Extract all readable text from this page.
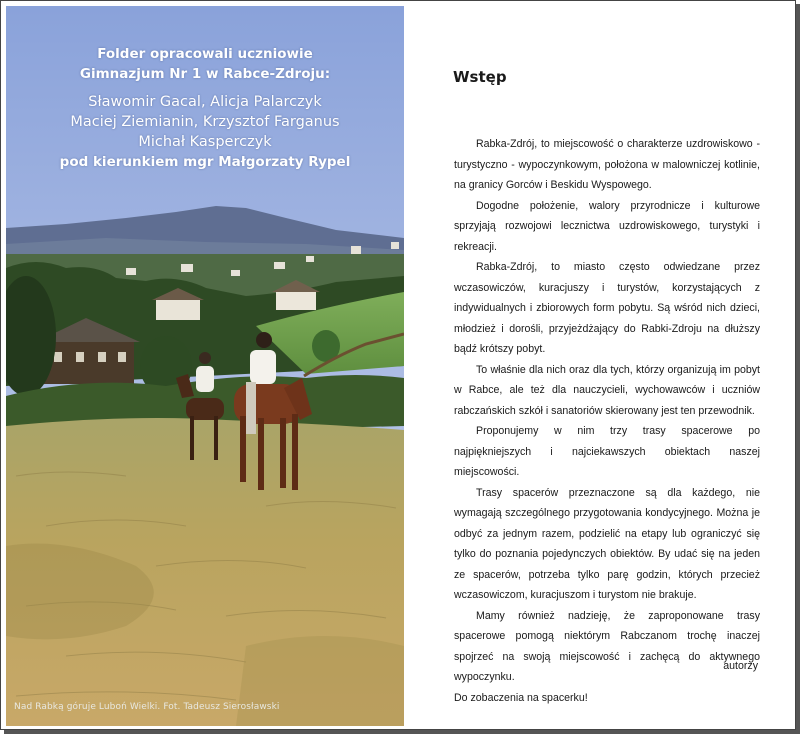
Folder opracowali uczniowie
Gimnazjum Nr 1 w Rabce-Zdroju:
Sławomir Gacal, Alicja Palarczyk
Maciej Ziemianin, Krzysztof Farganus
Michał Kasperczyk
pod kierunkiem mgr Małgorzaty Rypel
Nad Rabką góruje Luboń Wielki. Fot. Tadeusz Sierosławski
Wstęp

Rabka-Zdrój, to miejscowość o charakterze uzdrowiskowo - turystyczno - wypoczynkowym, położona w malowniczej kotlinie, na granicy Gorców i Beskidu Wyspowego.

Dogodne położenie, walory przyrodnicze i kulturowe sprzyjają rozwojowi lecznictwa uzdrowiskowego, turystyki i rekreacji.

Rabka-Zdrój, to miasto często odwiedzane przez wczasowiczów, kuracjuszy i turystów, korzystających z indywidualnych i zbiorowych form pobytu. Są wśród nich dzieci, młodzież i dorośli, przyjeżdżający do Rabki-Zdroju na dłuższy bądź krótszy pobyt.

To właśnie dla nich oraz dla tych, którzy organizują im pobyt w Rabce, ale też dla nauczycieli, wychowawców i uczniów rabczańskich szkół i sanatoriów skierowany jest ten przewodnik.

Proponujemy w nim trzy trasy spacerowe po najpiękniejszych i najciekawszych obiektach naszej miejscowości.

Trasy spacerów przeznaczone są dla każdego, nie wymagają szczególnego przygotowania kondycyjnego. Można je odbyć za jednym razem, podzielić na etapy lub ograniczyć się tylko do poznania pojedynczych obiektów. By udać się na jeden ze spacerów, potrzeba tylko parę godzin, których przecież wczasowiczom, kuracjuszom i turystom nie brakuje.

Mamy również nadzieję, że zaproponowane trasy spacerowe pomogą niektórym Rabczanom trochę inaczej spojrzeć na swoją miejscowość i zachęcą do aktywnego wypoczynku.

Do zobaczenia na spacerku!

autorzy
